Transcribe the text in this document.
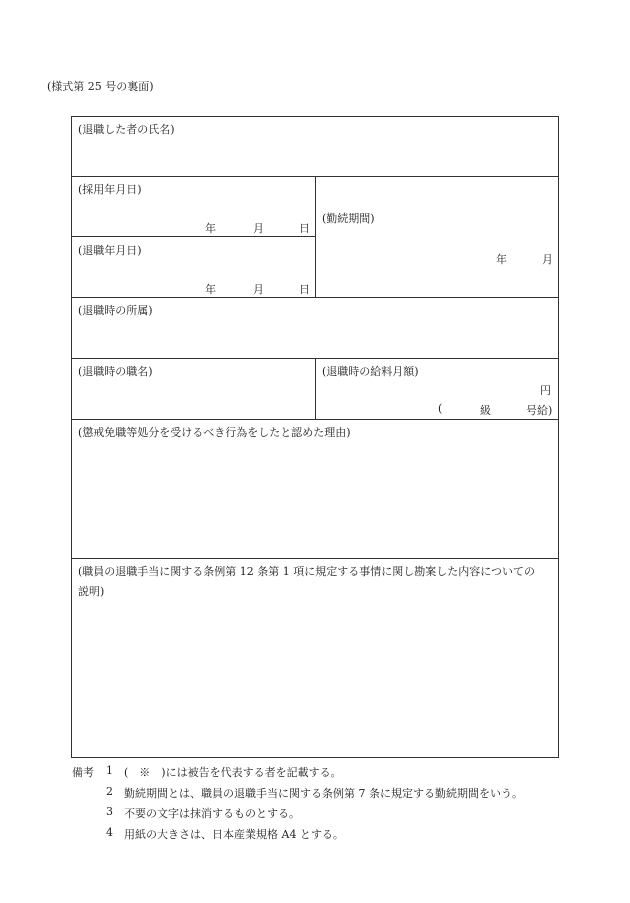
(様式第 25 号の裏面)
(退職した者の氏名)
(採用年月日)
年	月	日
(退職年月日)
年	月	日
(勤続期間)
年	月
(退職時の所属)
(退職時の職名)	(退職時の給料月額)
円
(	級	号給)
(懲戒免職等処分を受けるべき行為をしたと認めた理由)
(職員の退職手当に関する条例第 12 条第 1 項に規定する事情に関し勘案した内容についての
説明)
備考 1 (　※　)には被告を代表する者を記載する。
2 勤続期間とは、職員の退職手当に関する条例第 7 条に規定する勤続期間をいう。
3 不要の文字は抹消するものとする。
4 用紙の大きさは、日本産業規格 A4 とする。
